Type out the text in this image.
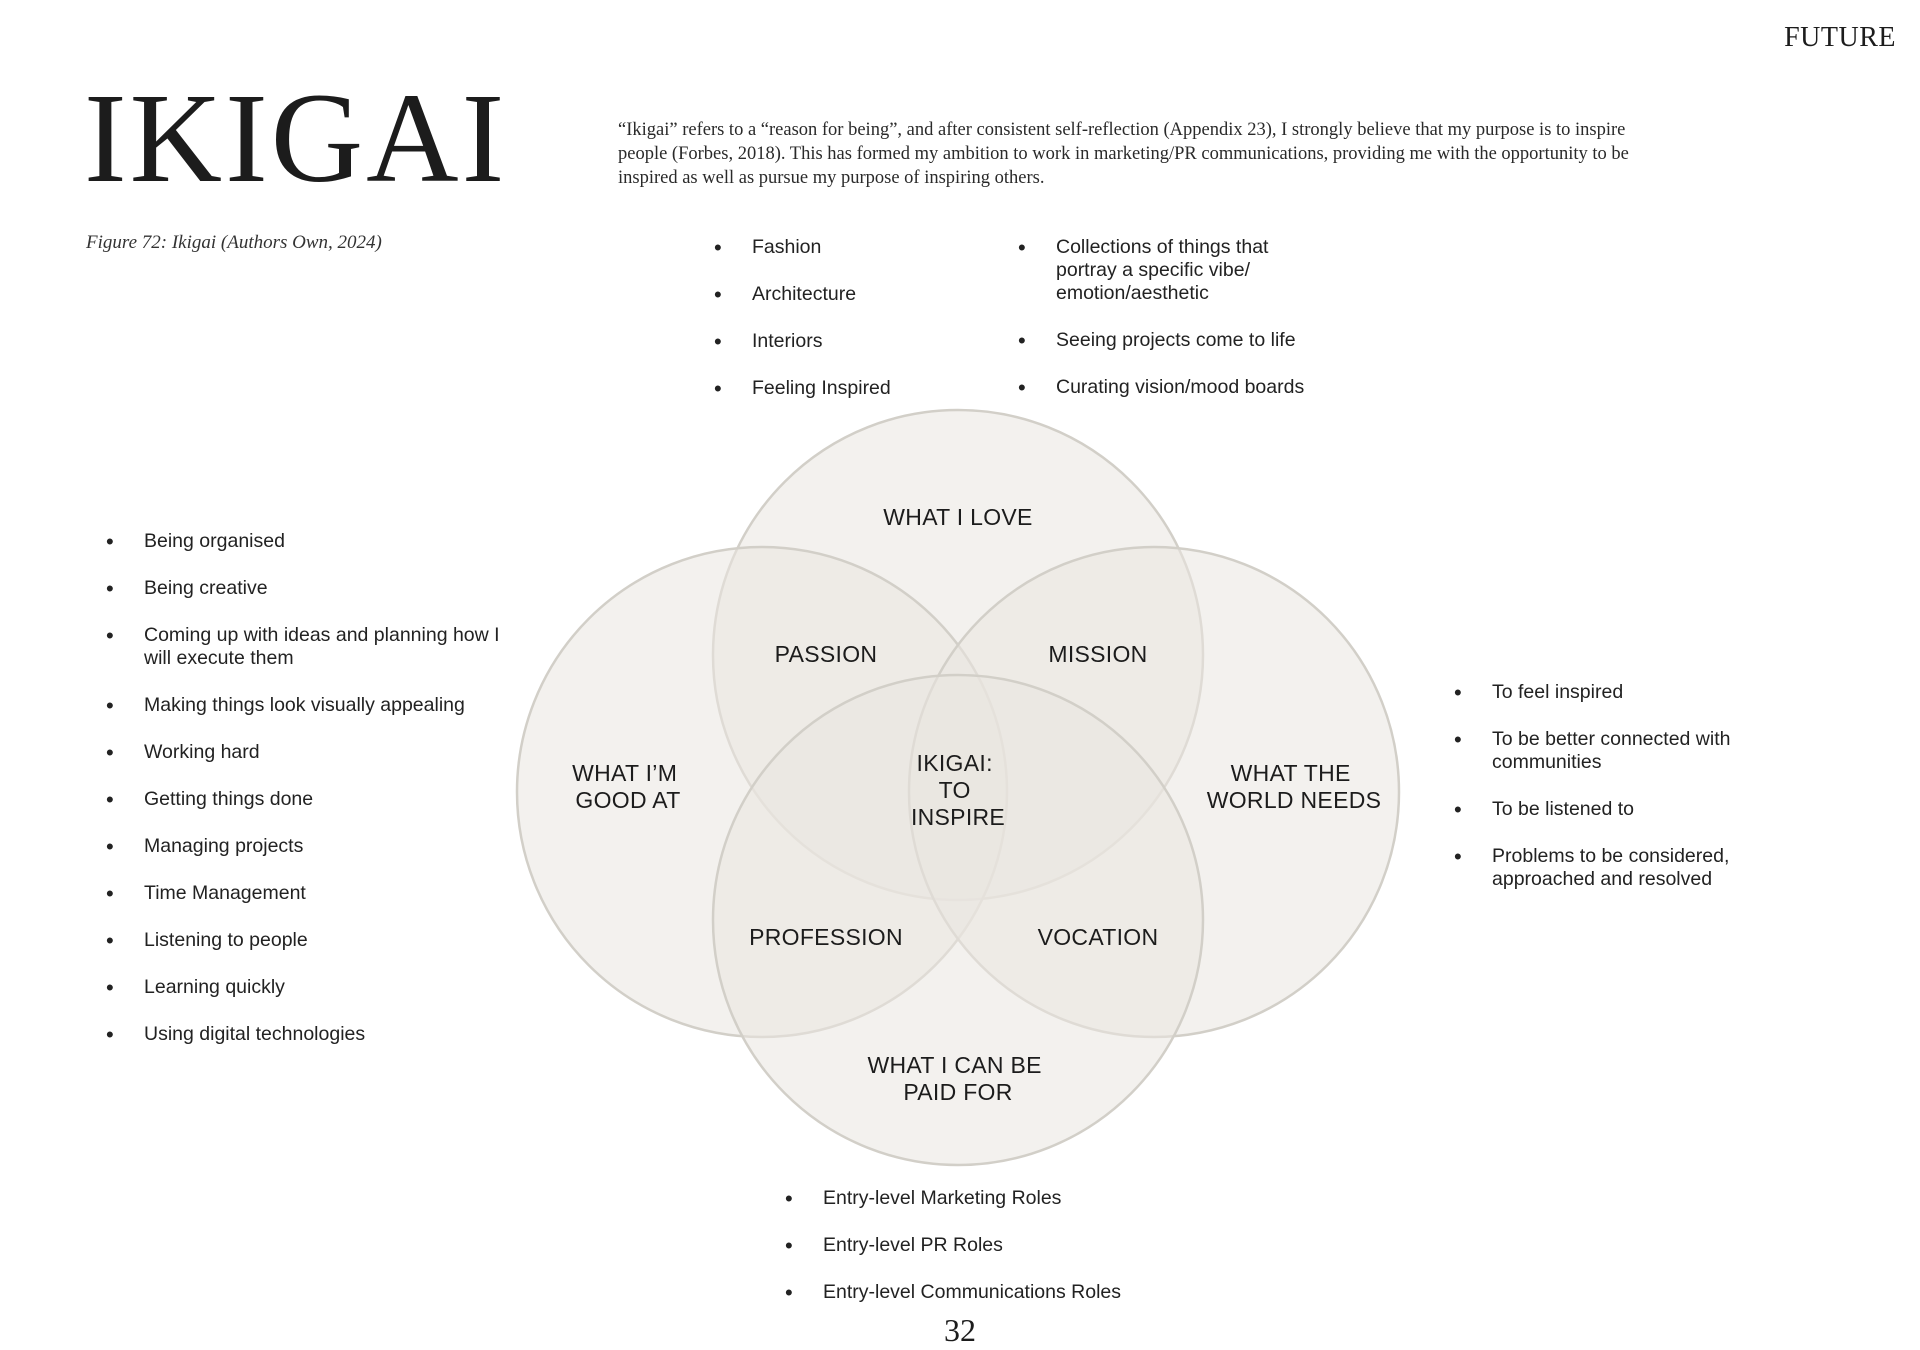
FUTURE
IKIGAI
Figure 72: Ikigai (Authors Own, 2024)

“Ikigai” refers to a “reason for being”, and after consistent self-reflection (Appendix 23), I strongly believe that my purpose is to inspire people (Forbes, 2018). This has formed my ambition to work in marketing/PR communications, providing me with the opportunity to be inspired as well as pursue my purpose of inspiring others.

• Fashion
• Architecture
• Interiors
• Feeling Inspired
• Collections of things that portray a specific vibe/ emotion/aesthetic
• Seeing projects come to life
• Curating vision/mood boards
• Being organised
• Being creative
• Coming up with ideas and planning how I will execute them
• Making things look visually appealing
• Working hard
• Getting things done
• Managing projects
• Time Management
• Listening to people
• Learning quickly
• Using digital technologies
• To feel inspired
• To be better connected with communities
• To be listened to
• Problems to be considered, approached and resolved
• Entry-level Marketing Roles
• Entry-level PR Roles
• Entry-level Communications Roles
WHAT I LOVE
WHAT I’M GOOD AT
WHAT THE WORLD NEEDS
WHAT I CAN BE PAID FOR
PASSION	MISSION
PROFESSION	VOCATION
IKIGAI: TO INSPIRE
32
